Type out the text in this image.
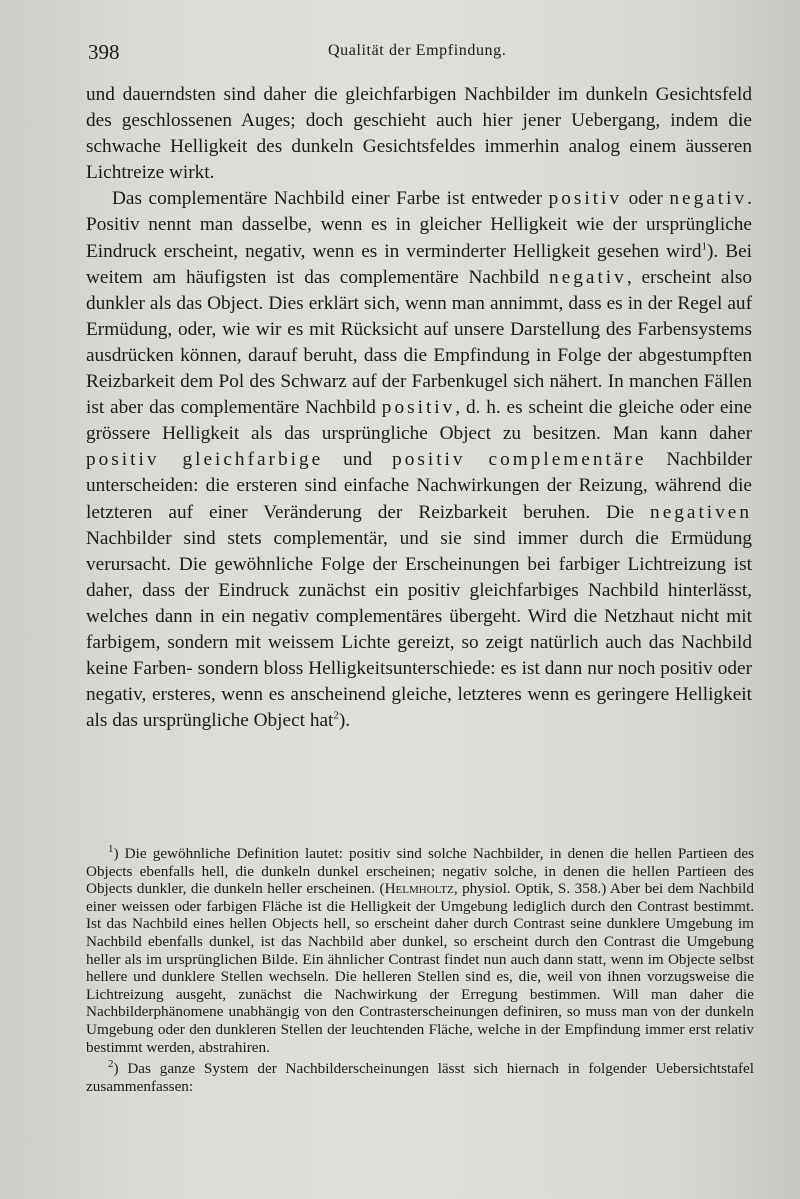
398	Qualität der Empfindung.

und dauerndsten sind daher die gleichfarbigen Nachbilder im dunkeln Gesichtsfeld des geschlossenen Auges; doch geschieht auch hier jener Uebergang, indem die schwache Helligkeit des dunkeln Gesichtsfeldes immerhin analog einem äusseren Lichtreize wirkt.

Das complementäre Nachbild einer Farbe ist entweder positiv oder negativ. Positiv nennt man dasselbe, wenn es in gleicher Helligkeit wie der ursprüngliche Eindruck erscheint, negativ, wenn es in verminderter Helligkeit gesehen wird$^1$). Bei weitem am häufigsten ist das complementäre Nachbild negativ, erscheint also dunkler als das Object. Dies erklärt sich, wenn man annimmt, dass es in der Regel auf Ermüdung, oder, wie wir es mit Rücksicht auf unsere Darstellung des Farbensystems ausdrücken können, darauf beruht, dass die Empfindung in Folge der abgestumpften Reizbarkeit dem Pol des Schwarz auf der Farbenkugel sich nähert. In manchen Fällen ist aber das complementäre Nachbild positiv, d. h. es scheint die gleiche oder eine grössere Helligkeit als das ursprüngliche Object zu besitzen. Man kann daher positiv gleichfarbige und positiv complementäre Nachbilder unterscheiden: die ersteren sind einfache Nachwirkungen der Reizung, während die letzteren auf einer Veränderung der Reizbarkeit beruhen. Die negativen Nachbilder sind stets complementär, und sie sind immer durch die Ermüdung verursacht. Die gewöhnliche Folge der Erscheinungen bei farbiger Lichtreizung ist daher, dass der Eindruck zunächst ein positiv gleichfarbiges Nachbild hinterlässt, welches dann in ein negativ complementäres übergeht. Wird die Netzhaut nicht mit farbigem, sondern mit weissem Lichte gereizt, so zeigt natürlich auch das Nachbild keine Farben- sondern bloss Helligkeitsunterschiede: es ist dann nur noch positiv oder negativ, ersteres, wenn es anscheinend gleiche, letzteres wenn es geringere Helligkeit als das ursprüngliche Object hat$^2$).

$^1$) Die gewöhnliche Definition lautet: positiv sind solche Nachbilder, in denen die hellen Partieen des Objects ebenfalls hell, die dunkeln dunkel erscheinen; negativ solche, in denen die hellen Partieen des Objects dunkler, die dunkeln heller erscheinen. (Helmholtz, physiol. Optik, S. 358.) Aber bei dem Nachbild einer weissen oder farbigen Fläche ist die Helligkeit der Umgebung lediglich durch den Contrast bestimmt. Ist das Nachbild eines hellen Objects hell, so erscheint daher durch Contrast seine dunklere Umgebung im Nachbild ebenfalls dunkel, ist das Nachbild aber dunkel, so erscheint durch den Contrast die Umgebung heller als im ursprünglichen Bilde. Ein ähnlicher Contrast findet nun auch dann statt, wenn im Objecte selbst hellere und dunklere Stellen wechseln. Die helleren Stellen sind es, die, weil von ihnen vorzugsweise die Lichtreizung ausgeht, zunächst die Nachwirkung der Erregung bestimmen. Will man daher die Nachbilderphänomene unabhängig von den Contrasterscheinungen definiren, so muss man von der dunkeln Umgebung oder den dunkleren Stellen der leuchtenden Fläche, welche in der Empfindung immer erst relativ bestimmt werden, abstrahiren.

$^2$) Das ganze System der Nachbilderscheinungen lässt sich hiernach in folgender Uebersichtstafel zusammenfassen:
